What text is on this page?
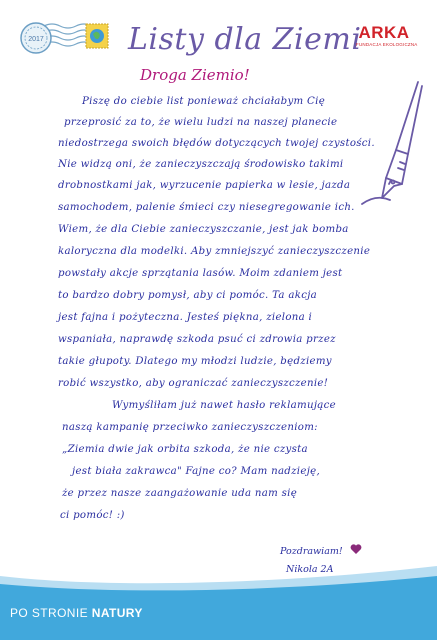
2017	Listy dla Ziemi
ARKA
FUNDACJA EKOLOGICZNA
Droga Ziemio!
Piszę do ciebie list ponieważ chciałabym Cię
przeprosić za to, że wielu ludzi na naszej planecie
niedostrzega swoich błędów dotyczących twojej czystości.
Nie widzą oni, że zanieczyszczają środowisko takimi
drobnostkami jak, wyrzucenie papierka w lesie, jazda
samochodem, palenie śmieci czy niesegregowanie ich.
Wiem, że dla Ciebie zanieczyszczanie, jest jak bomba
kaloryczna dla modelki. Aby zmniejszyć zanieczyszczenie
powstały akcje sprzątania lasów. Moim zdaniem jest
to bardzo dobry pomysł, aby ci pomóc. Ta akcja
jest fajna i pożyteczna. Jesteś piękna, zielona i
wspaniała, naprawdę szkoda psuć ci zdrowia przez
takie głupoty. Dlatego my młodzi ludzie, będziemy
robić wszystko, aby ograniczać zanieczyszczenie!
Wymyśliłam już nawet hasło reklamujące
naszą kampanię przeciwko zanieczyszczeniom:
„Ziemia dwie jak orbita szkoda, że nie czysta
jest biała zakrawca" Fajne co? Mam nadzieję,
że przez nasze zaangażowanie uda nam się
ci pomóc! :)
Pozdrawiam!
Nikola 2A
PO STRONIE NATURY
